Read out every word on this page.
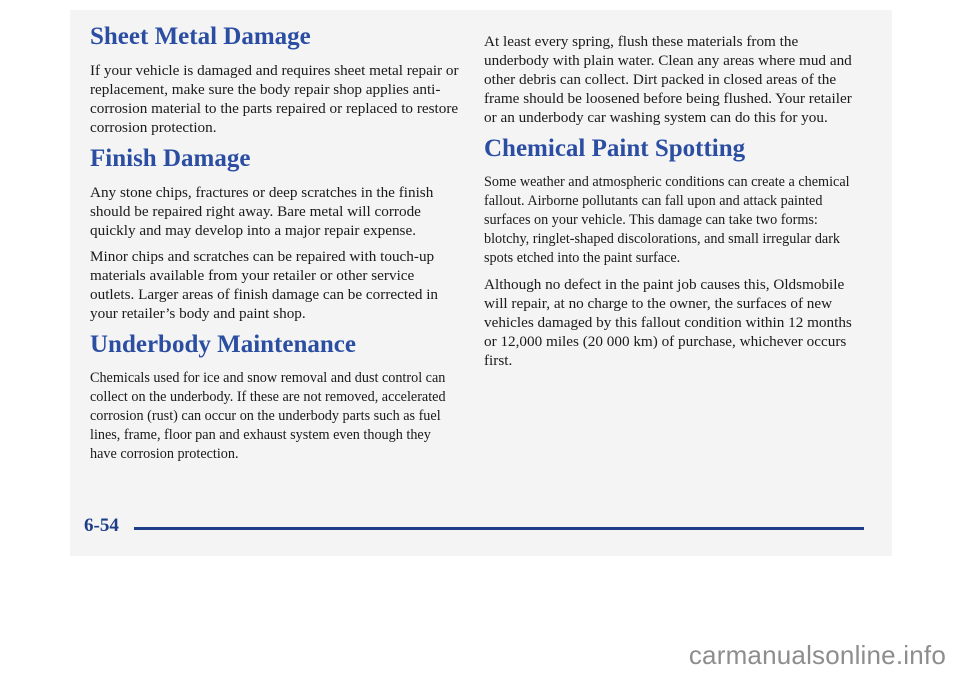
Sheet Metal Damage

If your vehicle is damaged and requires sheet metal repair or replacement, make sure the body repair shop applies anti-corrosion material to the parts repaired or replaced to restore corrosion protection.

Finish Damage

Any stone chips, fractures or deep scratches in the finish should be repaired right away. Bare metal will corrode quickly and may develop into a major repair expense.

Minor chips and scratches can be repaired with touch-up materials available from your retailer or other service outlets. Larger areas of finish damage can be corrected in your retailer’s body and paint shop.

Underbody Maintenance

Chemicals used for ice and snow removal and dust control can collect on the underbody. If these are not removed, accelerated corrosion (rust) can occur on the underbody parts such as fuel lines, frame, floor pan and exhaust system even though they have corrosion protection.

At least every spring, flush these materials from the underbody with plain water. Clean any areas where mud and other debris can collect. Dirt packed in closed areas of the frame should be loosened before being flushed. Your retailer or an underbody car washing system can do this for you.

Chemical Paint Spotting

Some weather and atmospheric conditions can create a chemical fallout. Airborne pollutants can fall upon and attack painted surfaces on your vehicle. This damage can take two forms: blotchy, ringlet-shaped discolorations, and small irregular dark spots etched into the paint surface.

Although no defect in the paint job causes this, Oldsmobile will repair, at no charge to the owner, the surfaces of new vehicles damaged by this fallout condition within 12 months or 12,000 miles (20 000 km) of purchase, whichever occurs first.

6-54
carmanualsonline.info
